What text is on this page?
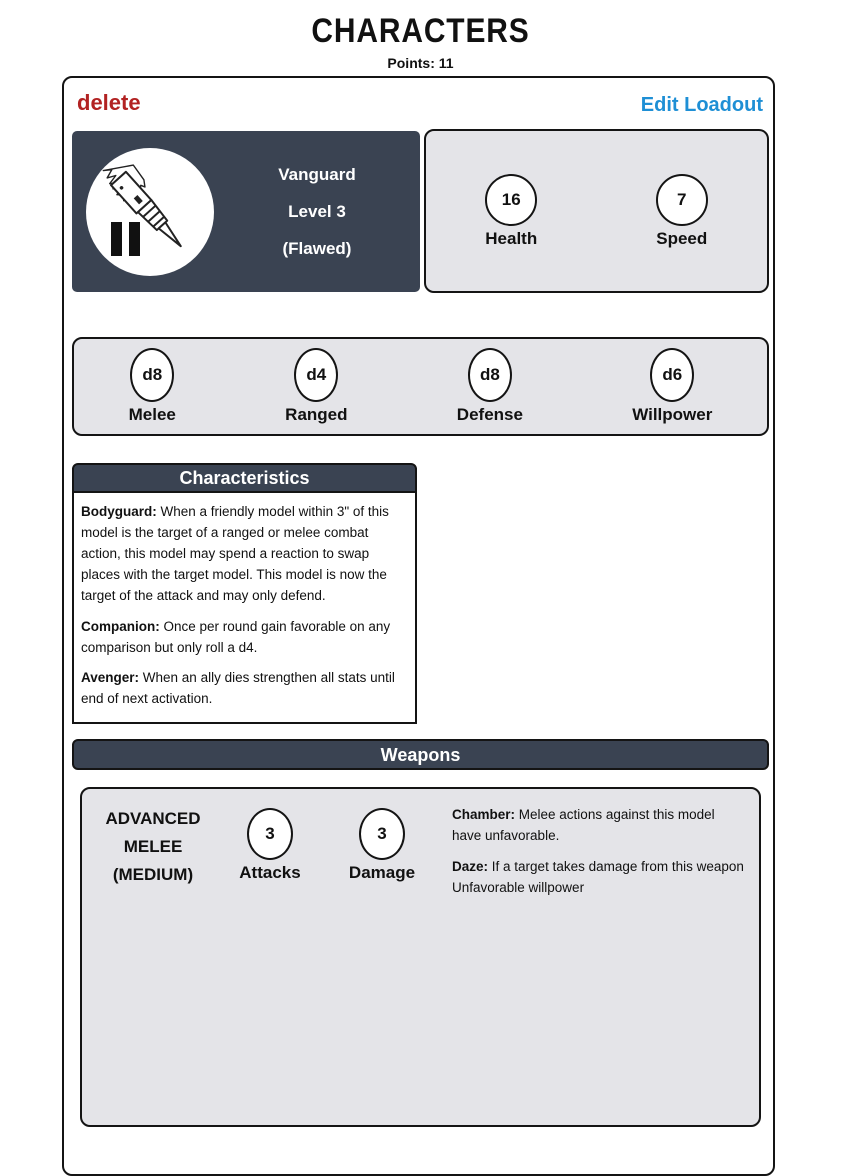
CHARACTERS
Points: 11
delete	Edit Loadout
Vanguard
Level 3
(Flawed)
16
Health
7
Speed
d8
Melee
d4
Ranged
d8
Defense
d6
Willpower
Characteristics

Bodyguard: When a friendly model within 3" of this model is the target of a ranged or melee combat action, this model may spend a reaction to swap places with the target model. This model is now the target of the attack and may only defend.

Companion: Once per round gain favorable on any comparison but only roll a d4.

Avenger: When an ally dies strengthen all stats until end of next activation.

Weapons
ADVANCED MELEE (MEDIUM)
3
Attacks
3
Damage

Chamber: Melee actions against this model have unfavorable.

Daze: If a target takes damage from this weapon Unfavorable willpower
